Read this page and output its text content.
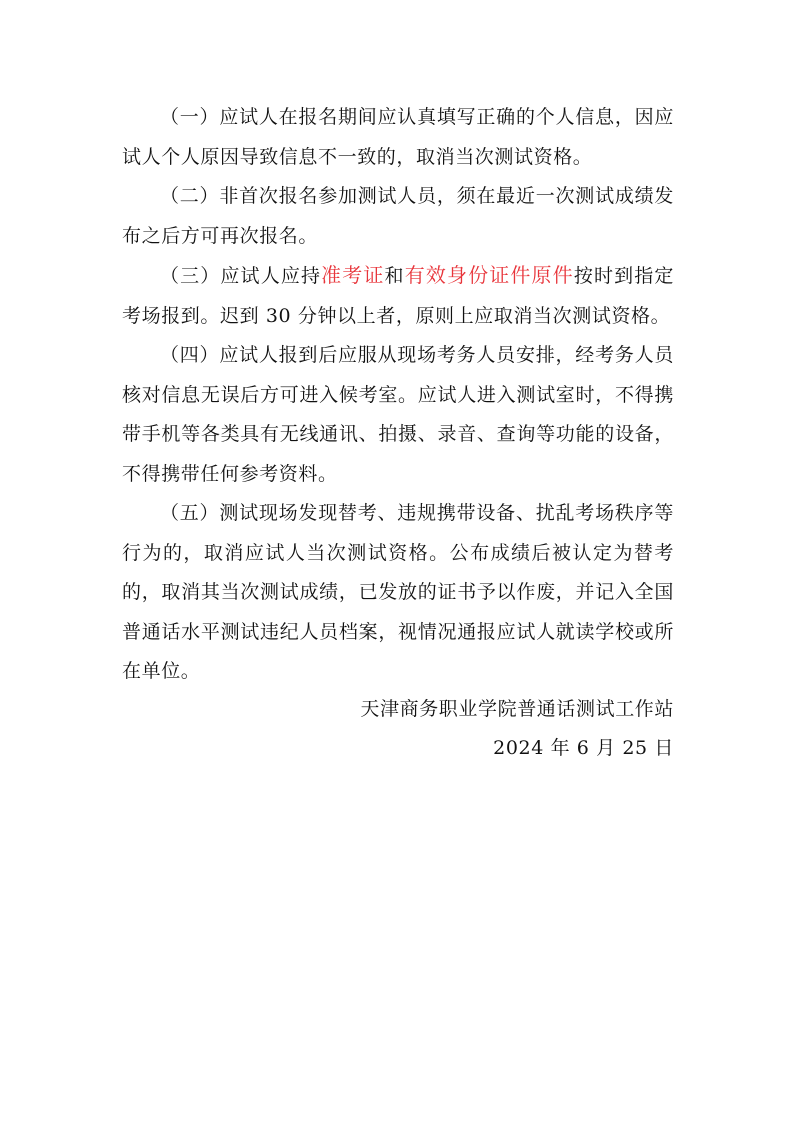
（一）应试人在报名期间应认真填写正确的个人信息，因应试人个人原因导致信息不一致的，取消当次测试资格。

（二）非首次报名参加测试人员，须在最近一次测试成绩发布之后方可再次报名。

（三）应试人应持准考证和有效身份证件原件按时到指定考场报到。迟到 30 分钟以上者，原则上应取消当次测试资格。

（四）应试人报到后应服从现场考务人员安排，经考务人员核对信息无误后方可进入候考室。应试人进入测试室时，不得携带手机等各类具有无线通讯、拍摄、录音、查询等功能的设备，不得携带任何参考资料。

（五）测试现场发现替考、违规携带设备、扰乱考场秩序等行为的，取消应试人当次测试资格。公布成绩后被认定为替考的，取消其当次测试成绩，已发放的证书予以作废，并记入全国普通话水平测试违纪人员档案，视情况通报应试人就读学校或所在单位。

天津商务职业学院普通话测试工作站
2024 年 6 月 25 日
